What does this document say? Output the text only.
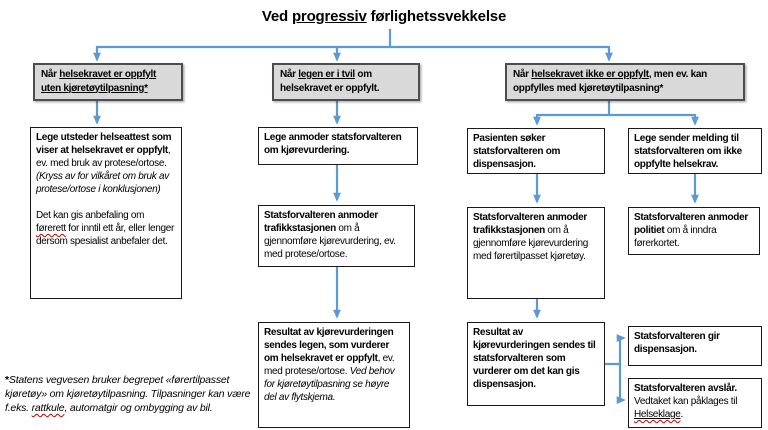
Ved progressiv førlighetssvekkelse
Når helsekravet er oppfylt uten kjøretøytilpasning*
Når legen er i tvil om helsekravet er oppfylt.
Når helsekravet ikke er oppfylt, men ev. kan oppfylles med kjøretøytilpasning*

Lege utsteder helseattest som viser at helsekravet er oppfylt, ev. med bruk av protese/ortose.

(Kryss av for vilkåret om bruk av protese/ortose i konklusjonen)

Det kan gis anbefaling om førerett for inntil ett år, eller lenger dersom spesialist anbefaler det.

Lege anmoder statsforvalteren om kjørevurdering.
Statsforvalteren anmoder trafikkstasjonen om å gjennomføre kjørevurdering, ev. med protese/ortose.
Resultat av kjørevurderingen sendes legen, som vurderer om helsekravet er oppfylt, ev. med protese/ortose. Ved behov for kjøretøytilpasning se høyre del av flytskjema.
Pasienten søker statsforvalteren om dispensasjon.
Statsforvalteren anmoder trafikkstasjonen om å gjennomføre kjørevurdering med førertilpasset kjøretøy.
Resultat av kjørevurderingen sendes til statsforvalteren som vurderer om det kan gis dispensasjon.
Lege sender melding til statsforvalteren om ikke oppfylte helsekrav.
Statsforvalteren anmoder politiet om å inndra førerkortet.
Statsforvalteren gir dispensasjon.
Statsforvalteren avslår. Vedtaket kan påklages til Helseklage.
*Statens vegvesen bruker begrepet «førertilpasset kjøretøy» om kjøretøytilpasning. Tilpasninger kan være f.eks. rattkule, automatgir og ombygging av bil.
